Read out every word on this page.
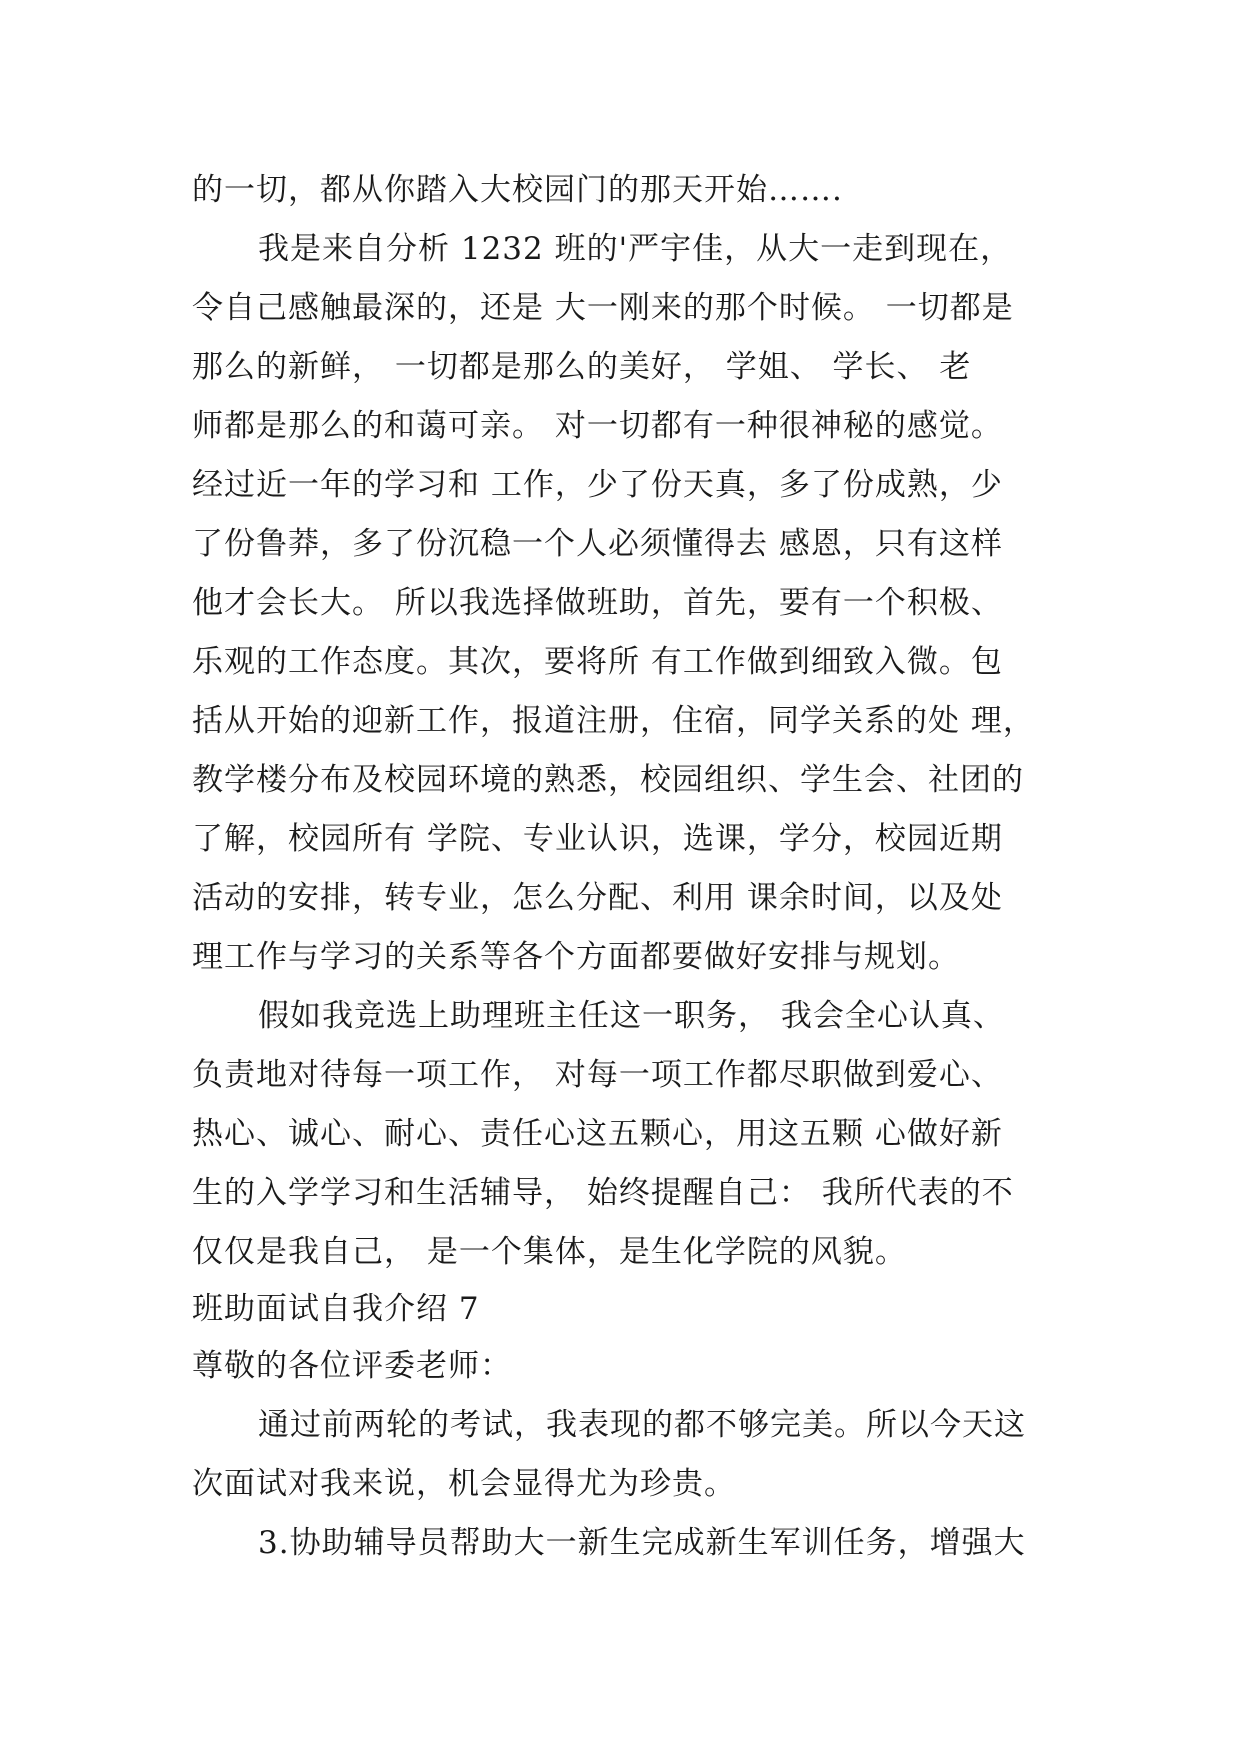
的一切，都从你踏入大校园门的那天开始…….
我是来自分析 1232 班的'严宇佳，从大一走到现在，
令自己感触最深的，还是 大一刚来的那个时候。 一切都是
那么的新鲜， 一切都是那么的美好， 学姐、 学长、 老
师都是那么的和蔼可亲。 对一切都有一种很神秘的感觉。
经过近一年的学习和 工作，少了份天真，多了份成熟，少
了份鲁莽，多了份沉稳一个人必须懂得去 感恩，只有这样
他才会长大。 所以我选择做班助，首先，要有一个积极、
乐观的工作态度。其次，要将所 有工作做到细致入微。包
括从开始的迎新工作，报道注册，住宿，同学关系的处 理，
教学楼分布及校园环境的熟悉，校园组织、学生会、社团的
了解，校园所有 学院、专业认识，选课，学分，校园近期
活动的安排，转专业，怎么分配、利用 课余时间，以及处
理工作与学习的关系等各个方面都要做好安排与规划。
假如我竞选上助理班主任这一职务， 我会全心认真、
负责地对待每一项工作， 对每一项工作都尽职做到爱心、
热心、诚心、耐心、责任心这五颗心，用这五颗 心做好新
生的入学学习和生活辅导， 始终提醒自己： 我所代表的不
仅仅是我自己， 是一个集体，是生化学院的风貌。
班助面试自我介绍 7
尊敬的各位评委老师：
通过前两轮的考试，我表现的都不够完美。所以今天这
次面试对我来说，机会显得尤为珍贵。
3.协助辅导员帮助大一新生完成新生军训任务，增强大
